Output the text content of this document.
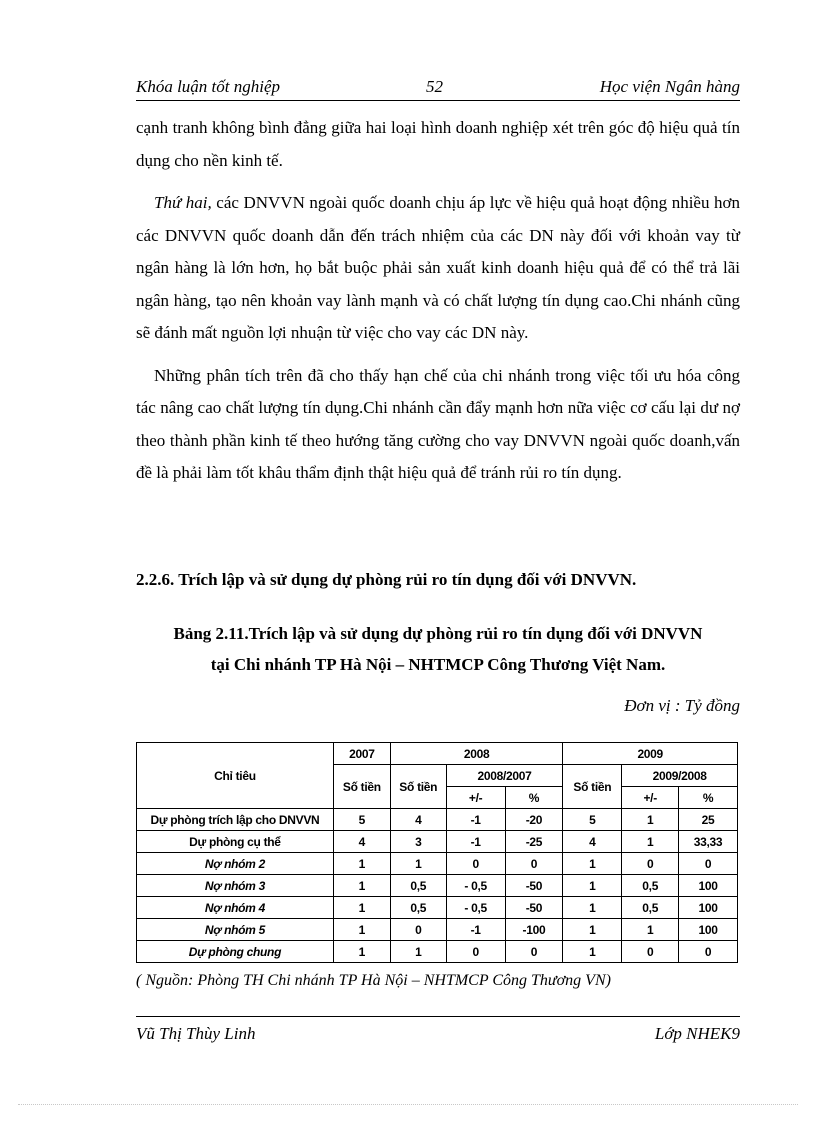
Khóa luận tốt nghiệp	52	Học viện Ngân hàng

cạnh tranh không bình đẳng giữa hai loại hình doanh nghiệp xét trên góc độ hiệu quả tín dụng cho nền kinh tế.

Thứ hai, các DNVVN ngoài quốc doanh chịu áp lực về hiệu quả hoạt động nhiều hơn các DNVVN quốc doanh dẫn đến trách nhiệm của các DN này đối với khoản vay từ ngân hàng là lớn hơn, họ bắt buộc phải sản xuất kinh doanh hiệu quả để có thể trả lãi ngân hàng, tạo nên khoản vay lành mạnh và có chất lượng tín dụng cao.Chi nhánh cũng sẽ đánh mất nguồn lợi nhuận từ việc cho vay các DN này.

Những phân tích trên đã cho thấy hạn chế của chi nhánh trong việc tối ưu hóa công tác nâng cao chất lượng tín dụng.Chi nhánh cần đẩy mạnh hơn nữa việc cơ cấu lại dư nợ theo thành phần kinh tế theo hướng tăng cường cho vay DNVVN ngoài quốc doanh,vấn đề là phải làm tốt khâu thẩm định thật hiệu quả để tránh rủi ro tín dụng.

2.2.6. Trích lập và sử dụng dự phòng rủi ro tín dụng đối với DNVVN.
Bảng 2.11.Trích lập và sử dụng dự phòng rủi ro tín dụng đối với DNVVN
tại Chi nhánh TP Hà Nội – NHTMCP Công Thương Việt Nam.
Đơn vị : Tỷ đồng
Chỉ tiêu	2007	2008			2009		
	Số tiền	Số tiền	2008/2007		Số tiền	2009/2008	
			+/-	%		+/-	%
Dự phòng trích lập cho DNVVN	5	4	-1	-20	5	1	25
Dự phòng cụ thể	4	3	-1	-25	4	1	33,33
Nợ nhóm 2	1	1	0	0	1	0	0
Nợ nhóm 3	1	0,5	- 0,5	-50	1	0,5	100
Nợ nhóm 4	1	0,5	- 0,5	-50	1	0,5	100
Nợ nhóm 5	1	0	-1	-100	1	1	100
Dự phòng chung	1	1	0	0	1	0	0
( Nguồn: Phòng TH Chi nhánh TP Hà Nội – NHTMCP Công Thương VN)
Vũ Thị Thùy Linh	Lớp NHEK9
